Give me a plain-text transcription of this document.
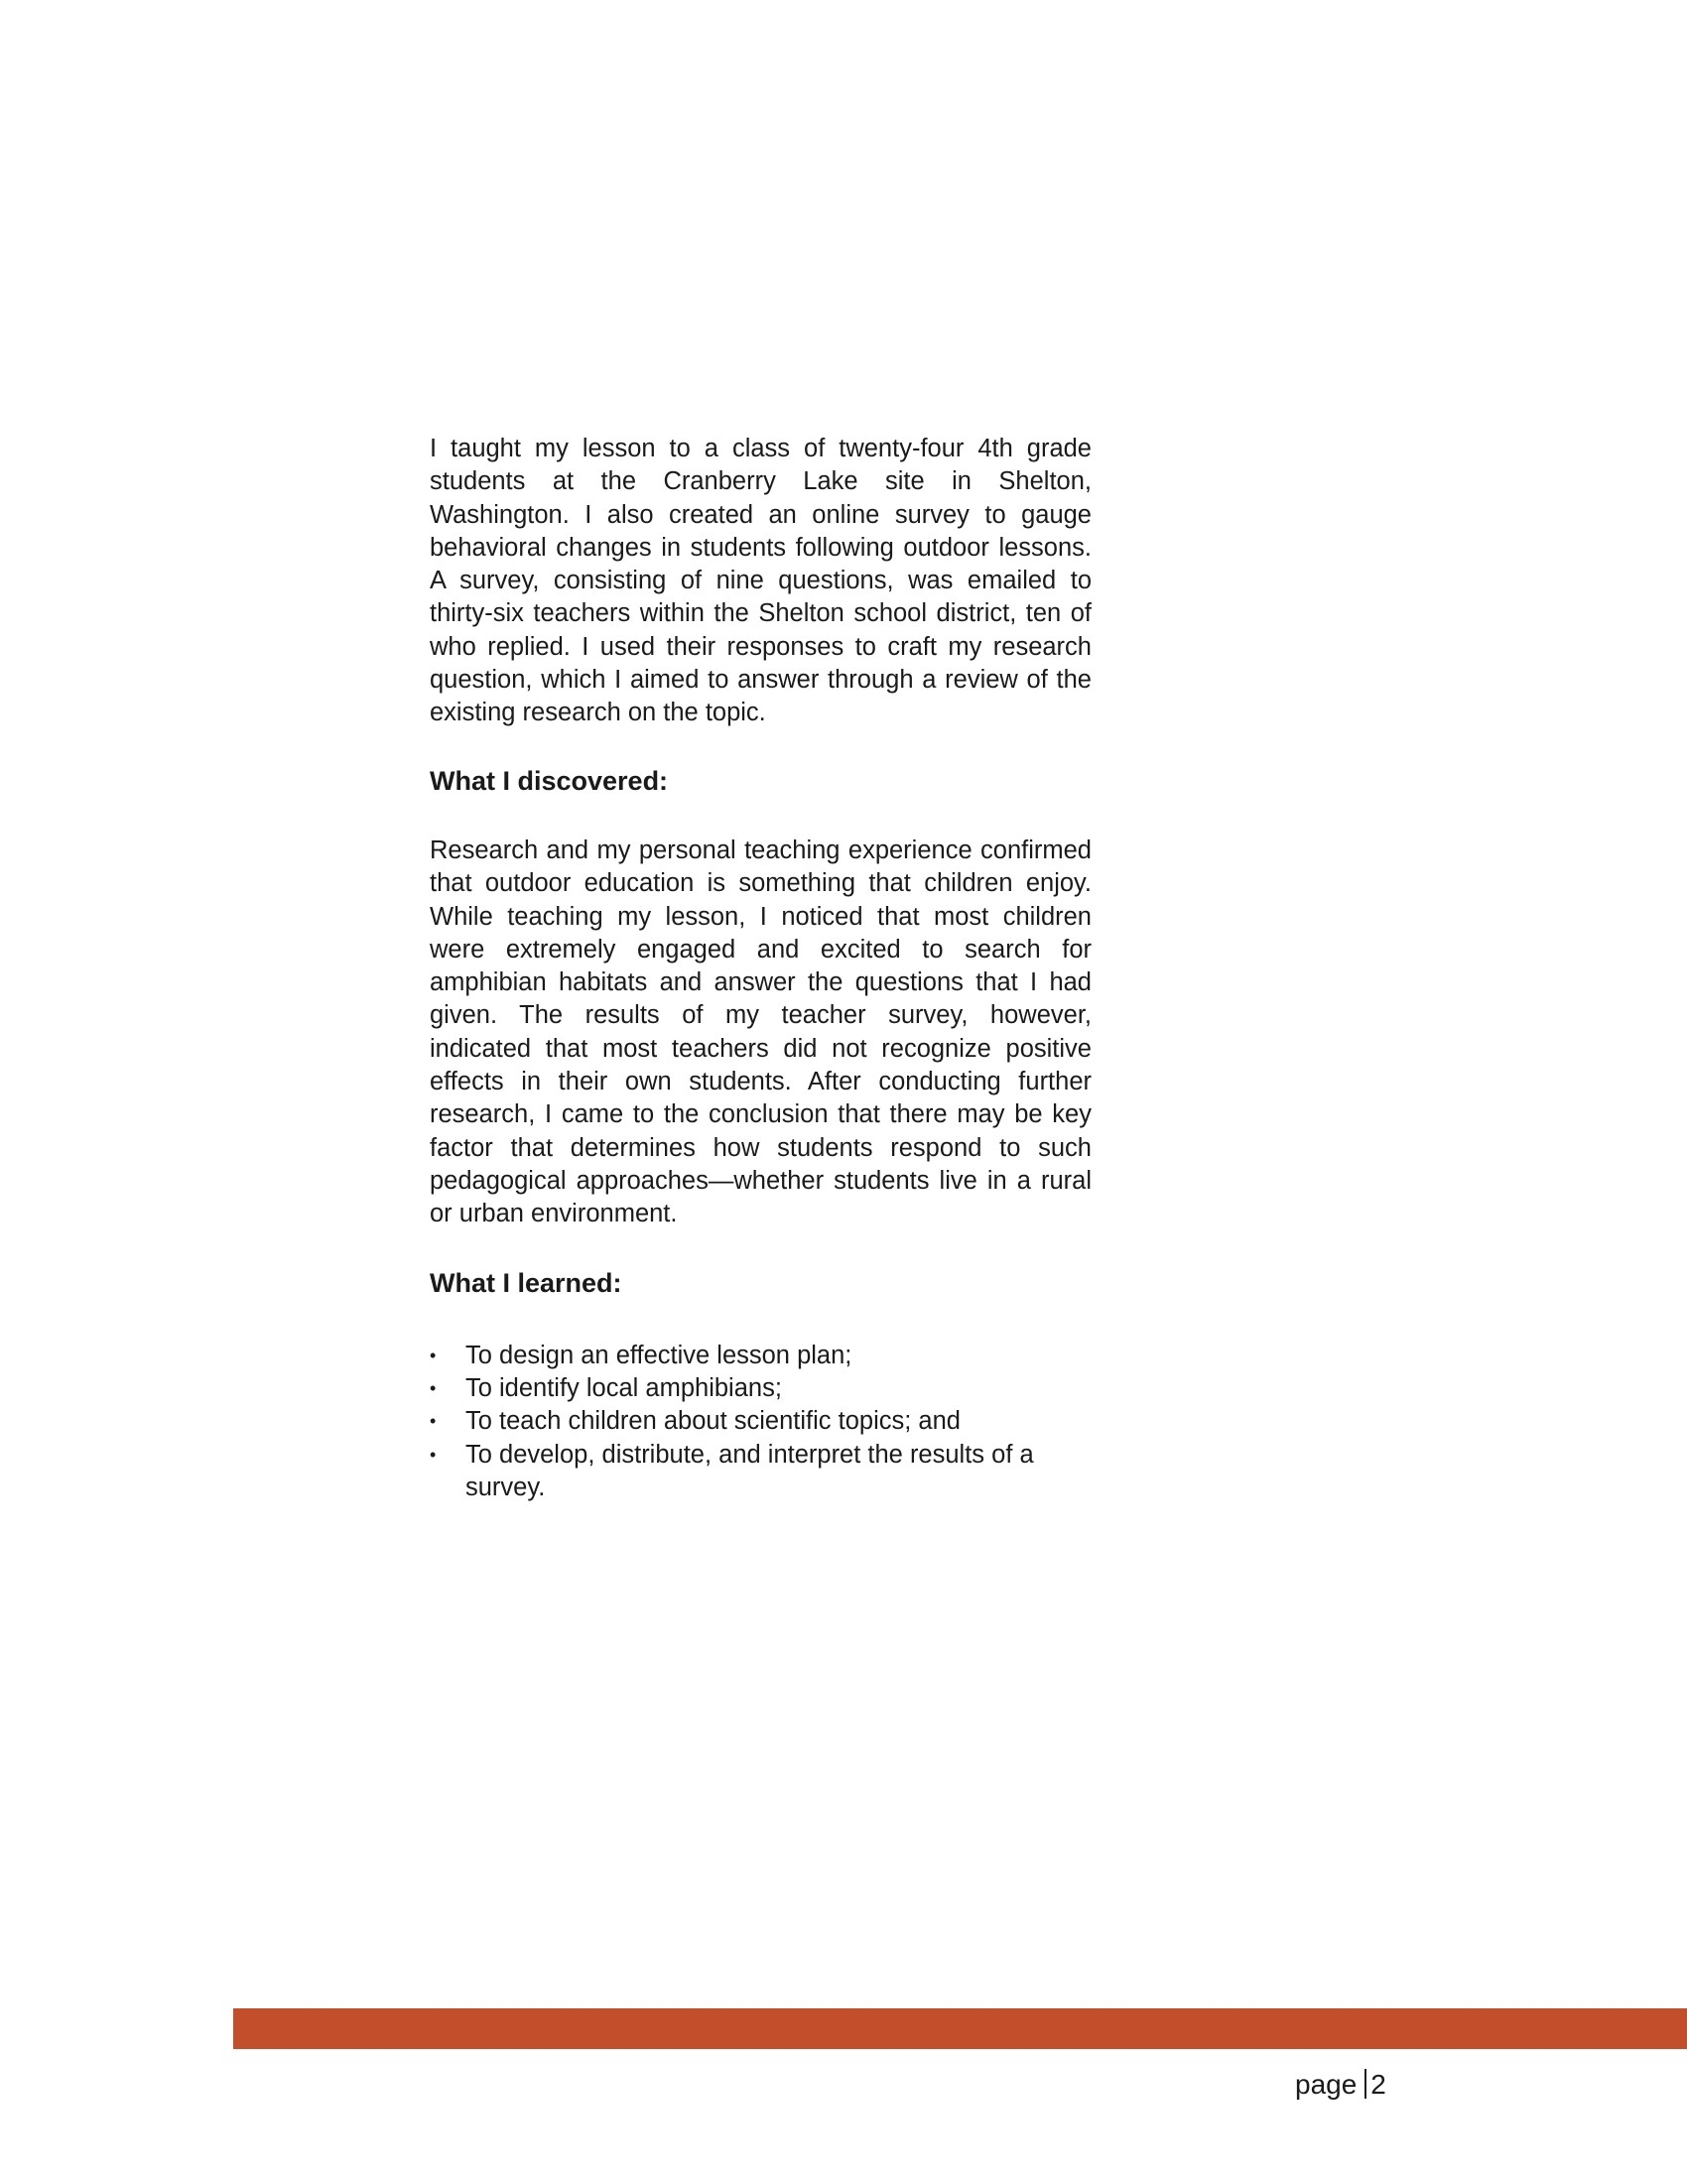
I taught my lesson to a class of twenty-four 4th grade students at the Cranberry Lake site in Shelton, Washington. I also created an online survey to gauge behavioral changes in students following outdoor lessons. A survey, consisting of nine questions, was emailed to thirty-six teachers within the Shelton school district, ten of who replied. I used their responses to craft my research question, which I aimed to answer through a review of the existing research on the topic.

What I discovered:

Research and my personal teaching experience confirmed that outdoor education is something that children enjoy. While teaching my lesson, I noticed that most children were extremely engaged and excited to search for amphibian habitats and answer the questions that I had given. The results of my teacher survey, however, indicated that most teachers did not recognize positive effects in their own students. After conducting further research, I came to the conclusion that there may be key factor that determines how students respond to such pedagogical approaches—whether students live in a rural or urban environment.

What I learned:
• To design an effective lesson plan;
• To identify local amphibians;
• To teach children about scientific topics; and
• To develop, distribute, and interpret the results of a survey.
page 2
